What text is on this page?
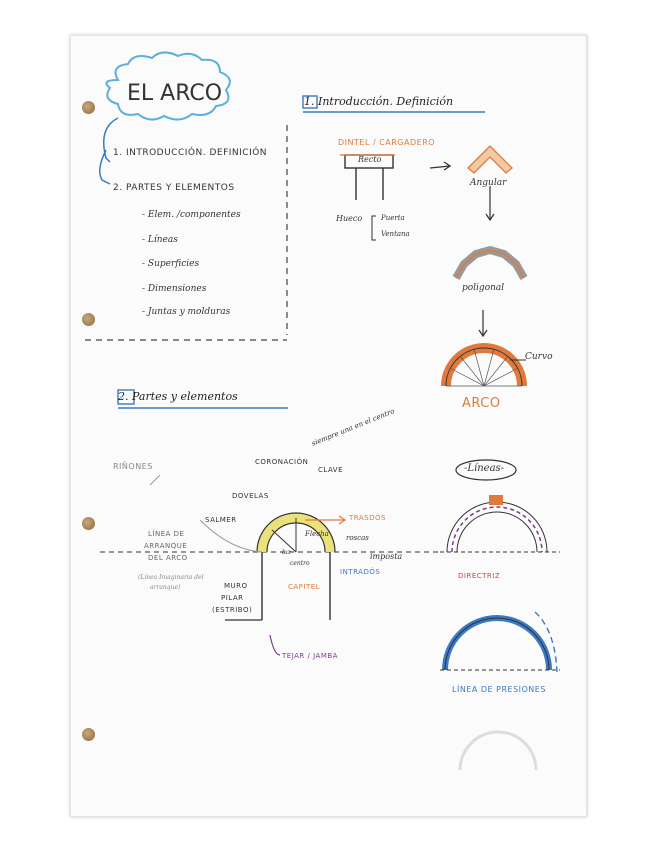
EL ARCO
1. INTRODUCCIÓN. DEFINICIÓN
2. PARTES Y ELEMENTOS
- Elem. /componentes
- Líneas
- Superficies
- Dimensiones
- Juntas y molduras
1. Introducción. Definición
DINTEL / CARGADERO
Recto
Hueco	Puerta
Ventana
Angular
poligonal
Curvo
ARCO
2. Partes y elementos
RIÑONES	CORONACIÓN
CLAVE
siempre una en el centro
DOVELAS
SALMER	TRASDÓS
Flecha roscas
imposta
centro
luz
INTRADÓS
CAPITEL
LÍNEA DE
ARRANQUE
DEL ARCO
(Línea Imaginaria del
arranque)	MURO
PILAR
(ESTRIBO)
TEJAR / JAMBA
-Líneas-
DIRECTRIZ
LÍNEA DE PRESIONES
